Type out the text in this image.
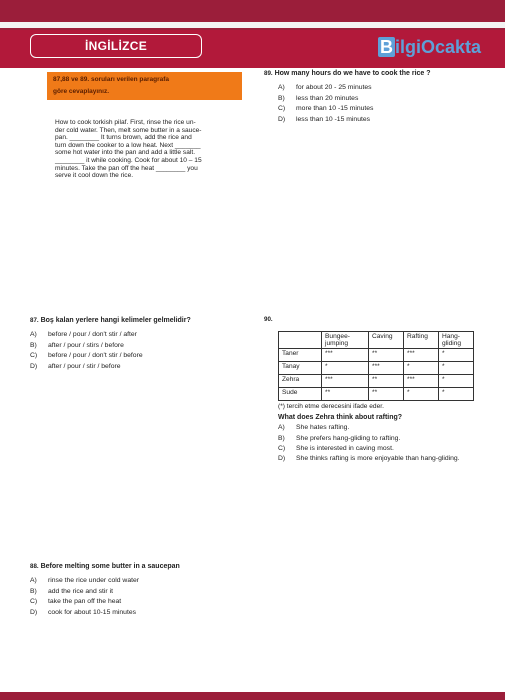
İNGİLİZCE	B ilgiOcakta
87,88 ve 89. soruları verilen paragrafa
göre cevaplayınız.
How to cook torkish pilaf. First, rinse the rice un-
der cold water. Then, melt some butter in a sauce-
pan. ________ It turns brown, add the rice and
turn down the cooker to a low heat. Next _______
some hot water into the pan and add a little salt.
________ it while cooking. Cook for about 10 – 15
minutes. Take the pan off the heat ________ you
serve it cool down the rice.
87. Boş kalan yerlere hangi kelimeler gelmelidir?
A)	before / pour / don't stir / after
B)	after / pour / stirs / before
C)	before / pour / don't stir / before
D)	after / pour / stir / before
88. Before melting some butter in a saucepan
A)	rinse the rice under cold water
B)	add the rice and stir it
C)	take the pan off the heat
D)	cook for about 10-15 minutes
89. How many hours do we have to cook the rice ?
A)	for about 20 - 25 minutes
B)	less than 20 minutes
C)	more than 10 -15 minutes
D)	less than 10 -15 minutes
90.
	Bungee-
jumping	Caving	Rafting	Hang-
gliding
Taner	***	**	***	*
Tanay	*	***	*	*
Zehra	***	**	***	*
Sude	**	**	*	*
(*) tercih etme derecesini ifade eder.
What does Zehra think about rafting?
A)	She hates rafting.
B)	She prefers hang-gliding to rafting.
C)	She is interested in caving most.
D)	She thinks rafting is more enjoyable than hang-gliding.
